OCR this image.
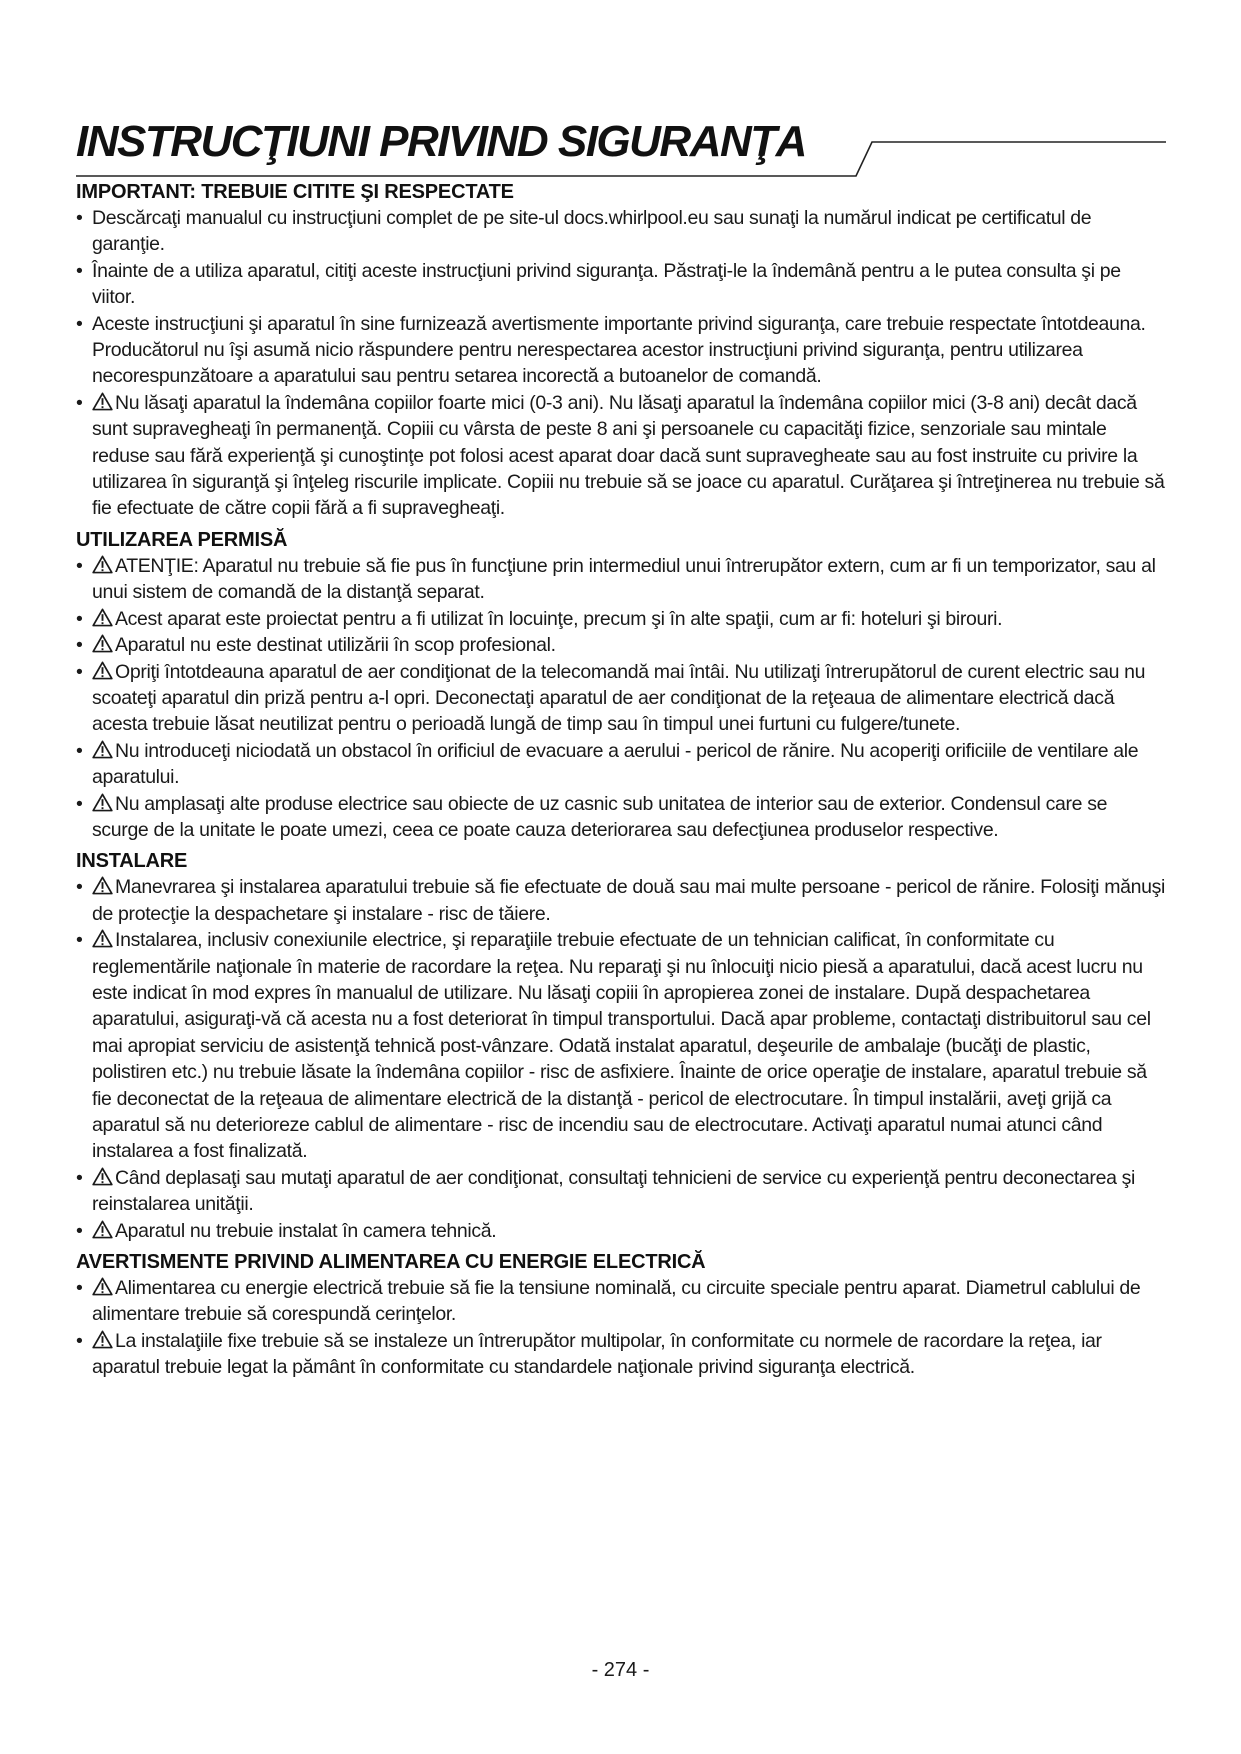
INSTRUCŢIUNI PRIVIND SIGURANŢA
IMPORTANT: TREBUIE CITITE ŞI RESPECTATE
• Descărcaţi manualul cu instrucţiuni complet de pe site-ul docs.whirlpool.eu sau sunaţi la numărul indicat pe certificatul de garanţie.
• Înainte de a utiliza aparatul, citiţi aceste instrucţiuni privind siguranţa. Păstraţi-le la îndemână pentru a le putea consulta şi pe viitor.
• Aceste instrucţiuni şi aparatul în sine furnizează avertismente importante privind siguranţa, care trebuie respectate întotdeauna. Producătorul nu îşi asumă nicio răspundere pentru nerespectarea acestor instrucţiuni privind siguranţa, pentru utilizarea necorespunzătoare a aparatului sau pentru setarea incorectă a butoanelor de comandă.
• Nu lăsaţi aparatul la îndemâna copiilor foarte mici (0-3 ani). Nu lăsaţi aparatul la îndemâna copiilor mici (3-8 ani) decât dacă sunt supravegheaţi în permanenţă. Copiii cu vârsta de peste 8 ani şi persoanele cu capacităţi fizice, senzoriale sau mintale reduse sau fără experienţă şi cunoştinţe pot folosi acest aparat doar dacă sunt supravegheate sau au fost instruite cu privire la utilizarea în siguranţă şi înţeleg riscurile implicate. Copiii nu trebuie să se joace cu aparatul. Curăţarea şi întreţinerea nu trebuie să fie efectuate de către copii fără a fi supravegheaţi.
UTILIZAREA PERMISĂ
• ATENŢIE: Aparatul nu trebuie să fie pus în funcţiune prin intermediul unui întrerupător extern, cum ar fi un temporizator, sau al unui sistem de comandă de la distanţă separat.
• Acest aparat este proiectat pentru a fi utilizat în locuinţe, precum şi în alte spaţii, cum ar fi: hoteluri şi birouri.
• Aparatul nu este destinat utilizării în scop profesional.
• Opriţi întotdeauna aparatul de aer condiţionat de la telecomandă mai întâi. Nu utilizaţi întrerupătorul de curent electric sau nu scoateţi aparatul din priză pentru a-l opri. Deconectaţi aparatul de aer condiţionat de la reţeaua de alimentare electrică dacă acesta trebuie lăsat neutilizat pentru o perioadă lungă de timp sau în timpul unei furtuni cu fulgere/tunete.
• Nu introduceţi niciodată un obstacol în orificiul de evacuare a aerului - pericol de rănire. Nu acoperiţi orificiile de ventilare ale aparatului.
• Nu amplasaţi alte produse electrice sau obiecte de uz casnic sub unitatea de interior sau de exterior. Condensul care se scurge de la unitate le poate umezi, ceea ce poate cauza deteriorarea sau defecţiunea produselor respective.
INSTALARE
• Manevrarea şi instalarea aparatului trebuie să fie efectuate de două sau mai multe persoane - pericol de rănire. Folosiţi mănuşi de protecţie la despachetare şi instalare - risc de tăiere.
• Instalarea, inclusiv conexiunile electrice, şi reparaţiile trebuie efectuate de un tehnician calificat, în conformitate cu reglementările naţionale în materie de racordare la reţea. Nu reparaţi şi nu înlocuiţi nicio piesă a aparatului, dacă acest lucru nu este indicat în mod expres în manualul de utilizare. Nu lăsaţi copiii în apropierea zonei de instalare. După despachetarea aparatului, asiguraţi-vă că acesta nu a fost deteriorat în timpul transportului. Dacă apar probleme, contactaţi distribuitorul sau cel mai apropiat serviciu de asistenţă tehnică post-vânzare. Odată instalat aparatul, deşeurile de ambalaje (bucăţi de plastic, polistiren etc.) nu trebuie lăsate la îndemâna copiilor - risc de asfixiere. Înainte de orice operaţie de instalare, aparatul trebuie să fie deconectat de la reţeaua de alimentare electrică de la distanţă - pericol de electrocutare. În timpul instalării, aveţi grijă ca aparatul să nu deterioreze cablul de alimentare - risc de incendiu sau de electrocutare. Activaţi aparatul numai atunci când instalarea a fost finalizată.
• Când deplasaţi sau mutaţi aparatul de aer condiţionat, consultaţi tehnicieni de service cu experienţă pentru deconectarea şi reinstalarea unităţii.
• Aparatul nu trebuie instalat în camera tehnică.
AVERTISMENTE PRIVIND ALIMENTAREA CU ENERGIE ELECTRICĂ
• Alimentarea cu energie electrică trebuie să fie la tensiune nominală, cu circuite speciale pentru aparat. Diametrul cablului de alimentare trebuie să corespundă cerinţelor.
• La instalaţiile fixe trebuie să se instaleze un întrerupător multipolar, în conformitate cu normele de racordare la reţea, iar aparatul trebuie legat la pământ în conformitate cu standardele naţionale privind siguranţa electrică.
- 274 -
